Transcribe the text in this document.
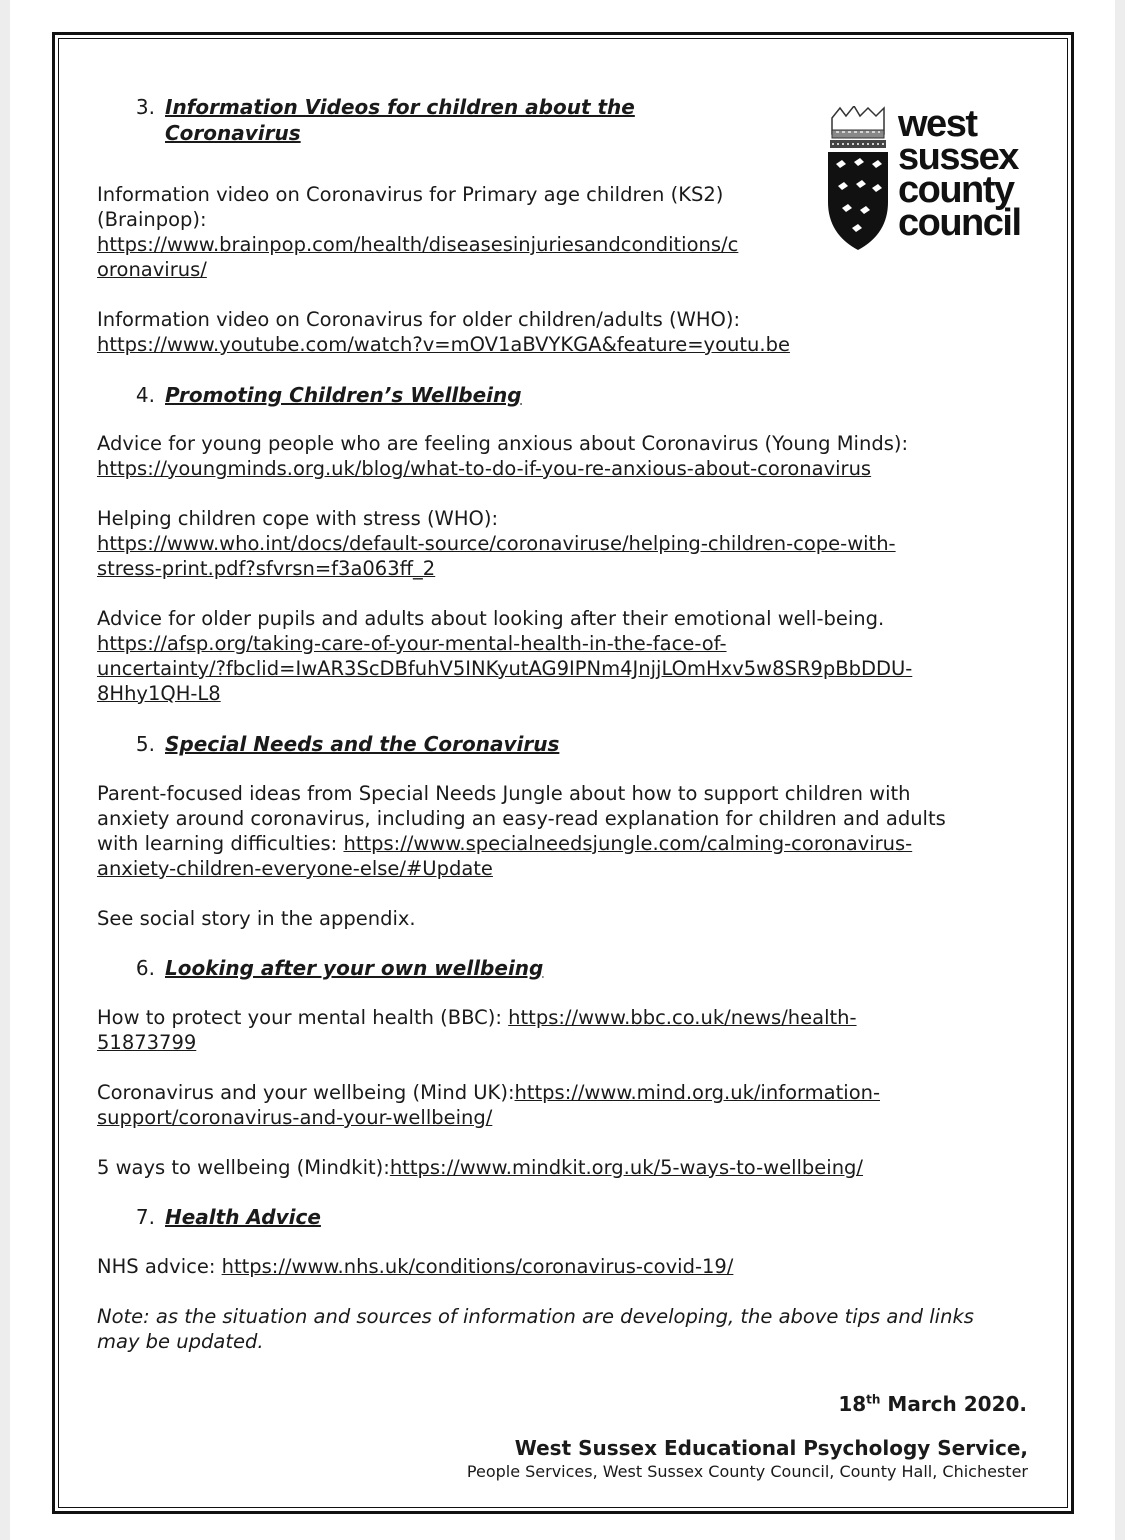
west
sussex
county
council
3. Information Videos for children about the
Coronavirus

Information video on Coronavirus for Primary age children (KS2)
(Brainpop):
https://www.brainpop.com/health/diseasesinjuriesandconditions/c
oronavirus/

Information video on Coronavirus for older children/adults (WHO):
https://www.youtube.com/watch?v=mOV1aBVYKGA&feature=youtu.be

4. Promoting Children’s Wellbeing

Advice for young people who are feeling anxious about Coronavirus (Young Minds):
https://youngminds.org.uk/blog/what-to-do-if-you-re-anxious-about-coronavirus

Helping children cope with stress (WHO):
https://www.who.int/docs/default-source/coronaviruse/helping-children-cope-with-
stress-print.pdf?sfvrsn=f3a063ff_2

Advice for older pupils and adults about looking after their emotional well-being.
https://afsp.org/taking-care-of-your-mental-health-in-the-face-of-
uncertainty/?fbclid=IwAR3ScDBfuhV5INKyutAG9IPNm4JnjjLOmHxv5w8SR9pBbDDU-
8Hhy1QH-L8

5. Special Needs and the Coronavirus

Parent-focused ideas from Special Needs Jungle about how to support children with
anxiety around coronavirus, including an easy-read explanation for children and adults
with learning difficulties: https://www.specialneedsjungle.com/calming-coronavirus-
anxiety-children-everyone-else/#Update

See social story in the appendix.

6. Looking after your own wellbeing

How to protect your mental health (BBC): https://www.bbc.co.uk/news/health-
51873799

Coronavirus and your wellbeing (Mind UK):https://www.mind.org.uk/information-
support/coronavirus-and-your-wellbeing/

5 ways to wellbeing (Mindkit):https://www.mindkit.org.uk/5-ways-to-wellbeing/

7. Health Advice

NHS advice: https://www.nhs.uk/conditions/coronavirus-covid-19/

Note: as the situation and sources of information are developing, the above tips and links
may be updated.

18th March 2020.
West Sussex Educational Psychology Service,
People Services, West Sussex County Council, County Hall, Chichester
